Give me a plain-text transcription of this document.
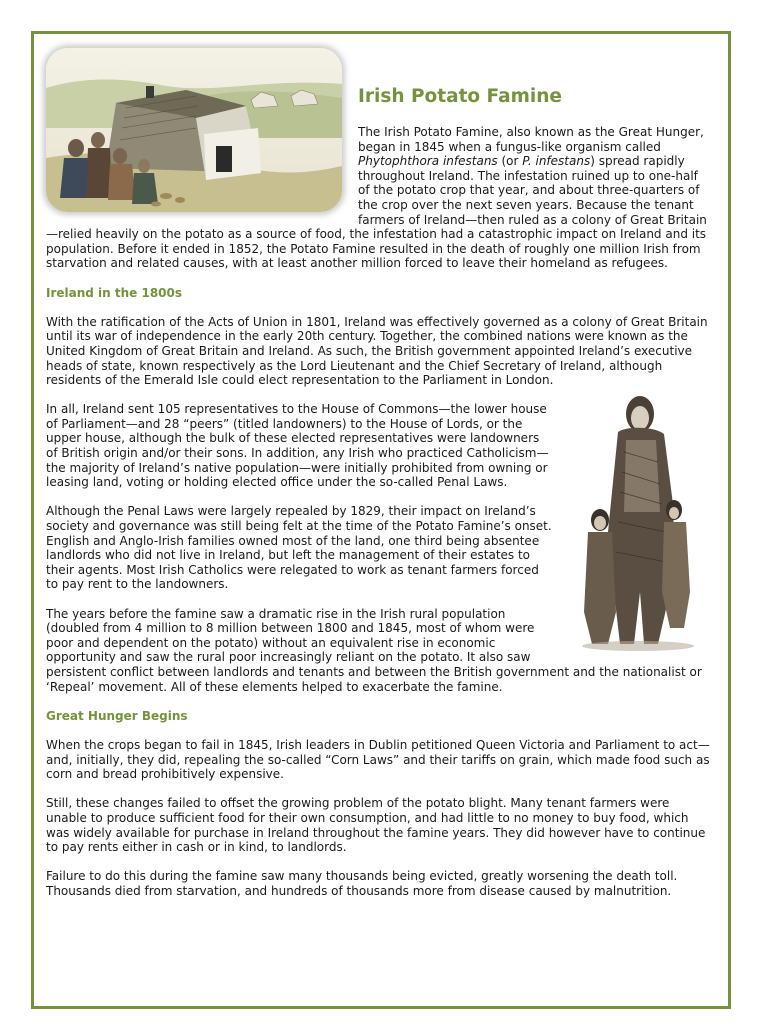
Irish Potato Famine

The Irish Potato Famine, also known as the Great Hunger, began in 1845 when a fungus-like organism called Phytophthora infestans (or P. infestans) spread rapidly throughout Ireland. The infestation ruined up to one-half of the potato crop that year, and about three-quarters of the crop over the next seven years. Because the tenant farmers of Ireland—then ruled as a colony of Great Britain—relied heavily on the potato as a source of food, the infestation had a catastrophic impact on Ireland and its population. Before it ended in 1852, the Potato Famine resulted in the death of roughly one million Irish from starvation and related causes, with at least another million forced to leave their homeland as refugees.

Ireland in the 1800s

With the ratification of the Acts of Union in 1801, Ireland was effectively governed as a colony of Great Britain until its war of independence in the early 20th century. Together, the combined nations were known as the United Kingdom of Great Britain and Ireland. As such, the British government appointed Ireland’s executive heads of state, known respectively as the Lord Lieutenant and the Chief Secretary of Ireland, although residents of the Emerald Isle could elect representation to the Parliament in London.

In all, Ireland sent 105 representatives to the House of Commons—the lower house of Parliament—and 28 “peers” (titled landowners) to the House of Lords, or the upper house, although the bulk of these elected representatives were landowners of British origin and/or their sons. In addition, any Irish who practiced Catholicism—the majority of Ireland’s native population—were initially prohibited from owning or leasing land, voting or holding elected office under the so-called Penal Laws.

Although the Penal Laws were largely repealed by 1829, their impact on Ireland’s society and governance was still being felt at the time of the Potato Famine’s onset. English and Anglo-Irish families owned most of the land, one third being absentee landlords who did not live in Ireland, but left the management of their estates to their agents. Most Irish Catholics were relegated to work as tenant farmers forced to pay rent to the landowners.

The years before the famine saw a dramatic rise in the Irish rural population (doubled from 4 million to 8 million between 1800 and 1845, most of whom were poor and dependent on the potato) without an equivalent rise in economic opportunity and saw the rural poor increasingly reliant on the potato. It also saw persistent conflict between landlords and tenants and between the British government and the nationalist or ‘Repeal’ movement. All of these elements helped to exacerbate the famine.

Great Hunger Begins

When the crops began to fail in 1845, Irish leaders in Dublin petitioned Queen Victoria and Parliament to act—and, initially, they did, repealing the so-called “Corn Laws” and their tariffs on grain, which made food such as corn and bread prohibitively expensive.

Still, these changes failed to offset the growing problem of the potato blight. Many tenant farmers were unable to produce sufficient food for their own consumption, and had little to no money to buy food, which was widely available for purchase in Ireland throughout the famine years. They did however have to continue to pay rents either in cash or in kind, to landlords.

Failure to do this during the famine saw many thousands being evicted, greatly worsening the death toll. Thousands died from starvation, and hundreds of thousands more from disease caused by malnutrition.
